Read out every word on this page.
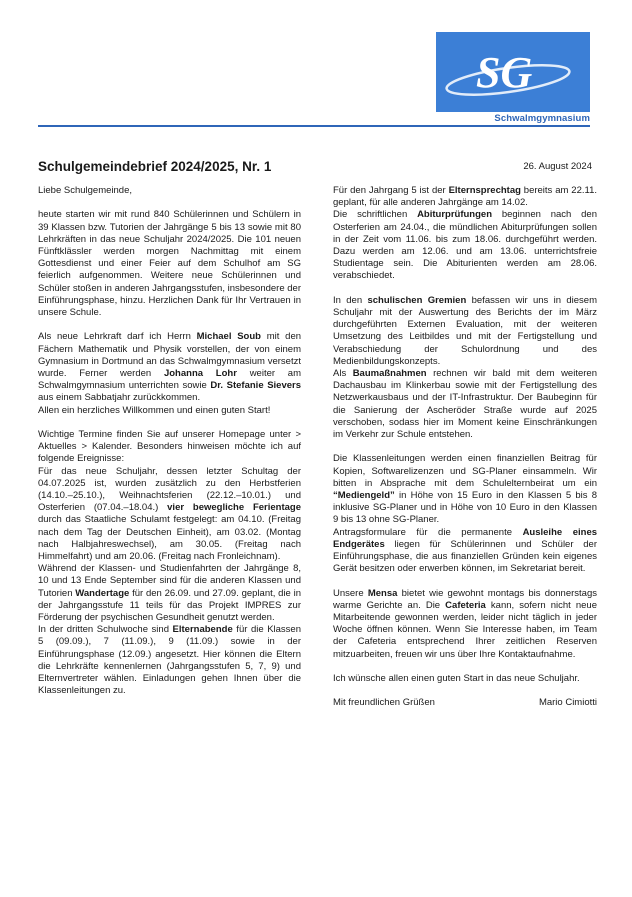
SG
Schwalmgymnasium
Schulgemeindebrief 2024/2025, Nr. 1	26. August 2024

Liebe Schulgemeinde,

heute starten wir mit rund 840 Schülerinnen und Schülern in 39 Klassen bzw. Tutorien der Jahrgänge 5 bis 13 sowie mit 80 Lehrkräften in das neue Schuljahr 2024/2025. Die 101 neuen Fünftklässler werden morgen Nachmittag mit einem Gottesdienst und einer Feier auf dem Schulhof am SG feierlich aufgenommen. Weitere neue Schülerinnen und Schüler stoßen in anderen Jahrgangsstufen, insbesondere der Einführungsphase, hinzu. Herzlichen Dank für Ihr Vertrauen in unsere Schule.

Als neue Lehrkraft darf ich Herrn Michael Soub mit den Fächern Mathematik und Physik vorstellen, der von einem Gymnasium in Dortmund an das Schwalmgymnasium versetzt wurde. Ferner werden Johanna Lohr weiter am Schwalmgymnasium unterrichten sowie Dr. Stefanie Sievers aus einem Sabbatjahr zurückkommen.

Allen ein herzliches Willkommen und einen guten Start!

Wichtige Termine finden Sie auf unserer Homepage unter > Aktuelles > Kalender. Besonders hinweisen möchte ich auf folgende Ereignisse:

Für das neue Schuljahr, dessen letzter Schultag der 04.07.2025 ist, wurden zusätzlich zu den Herbstferien (14.10.–25.10.), Weihnachtsferien (22.12.–10.01.) und Osterferien (07.04.–18.04.) vier bewegliche Ferientage durch das Staatliche Schulamt festgelegt: am 04.10. (Freitag nach dem Tag der Deutschen Einheit), am 03.02. (Montag nach Halbjahreswechsel), am 30.05. (Freitag nach Himmelfahrt) und am 20.06. (Freitag nach Fronleichnam).

Während der Klassen- und Studienfahrten der Jahrgänge 8, 10 und 13 Ende September sind für die anderen Klassen und Tutorien Wandertage für den 26.09. und 27.09. geplant, die in der Jahrgangsstufe 11 teils für das Projekt IMPRES zur Förderung der psychischen Gesundheit genutzt werden.

In der dritten Schulwoche sind Elternabende für die Klassen 5 (09.09.), 7 (11.09.), 9 (11.09.) sowie in der Einführungsphase (12.09.) angesetzt. Hier können die Eltern die Lehrkräfte kennenlernen (Jahrgangsstufen 5, 7, 9) und Elternvertreter wählen. Einladungen gehen Ihnen über die Klassenleitungen zu.

Für den Jahrgang 5 ist der Elternsprechtag bereits am 22.11. geplant, für alle anderen Jahrgänge am 14.02.

Die schriftlichen Abiturprüfungen beginnen nach den Osterferien am 24.04., die mündlichen Abiturprüfungen sollen in der Zeit vom 11.06. bis zum 18.06. durchgeführt werden. Dazu werden am 12.06. und am 13.06. unterrichtsfreie Studientage sein. Die Abiturienten werden am 28.06. verabschiedet.

In den schulischen Gremien befassen wir uns in diesem Schuljahr mit der Auswertung des Berichts der im März durchgeführten Externen Evaluation, mit der weiteren Umsetzung des Leitbildes und mit der Fertigstellung und Verabschiedung der Schulordnung und des Medienbildungskonzepts.

Als Baumaßnahmen rechnen wir bald mit dem weiteren Dachausbau im Klinkerbau sowie mit der Fertigstellung des Netzwerkausbaus und der IT-Infrastruktur. Der Baubeginn für die Sanierung der Ascheröder Straße wurde auf 2025 verschoben, sodass hier im Moment keine Einschränkungen im Verkehr zur Schule entstehen.

Die Klassenleitungen werden einen finanziellen Beitrag für Kopien, Softwarelizenzen und SG-Planer einsammeln. Wir bitten in Absprache mit dem Schulelternbeirat um ein “Mediengeld” in Höhe von 15 Euro in den Klassen 5 bis 8 inklusive SG-Planer und in Höhe von 10 Euro in den Klassen 9 bis 13 ohne SG-Planer.

Antragsformulare für die permanente Ausleihe eines Endgerätes liegen für Schülerinnen und Schüler der Einführungsphase, die aus finanziellen Gründen kein eigenes Gerät besitzen oder erwerben können, im Sekretariat bereit.

Unsere Mensa bietet wie gewohnt montags bis donnerstags warme Gerichte an. Die Cafeteria kann, sofern nicht neue Mitarbeitende gewonnen werden, leider nicht täglich in jeder Woche öffnen können. Wenn Sie Interesse haben, im Team der Cafeteria entsprechend Ihrer zeitlichen Reserven mitzuarbeiten, freuen wir uns über Ihre Kontaktaufnahme.

Ich wünsche allen einen guten Start in das neue Schuljahr.

Mit freundlichen Grüßen	Mario Cimiotti
